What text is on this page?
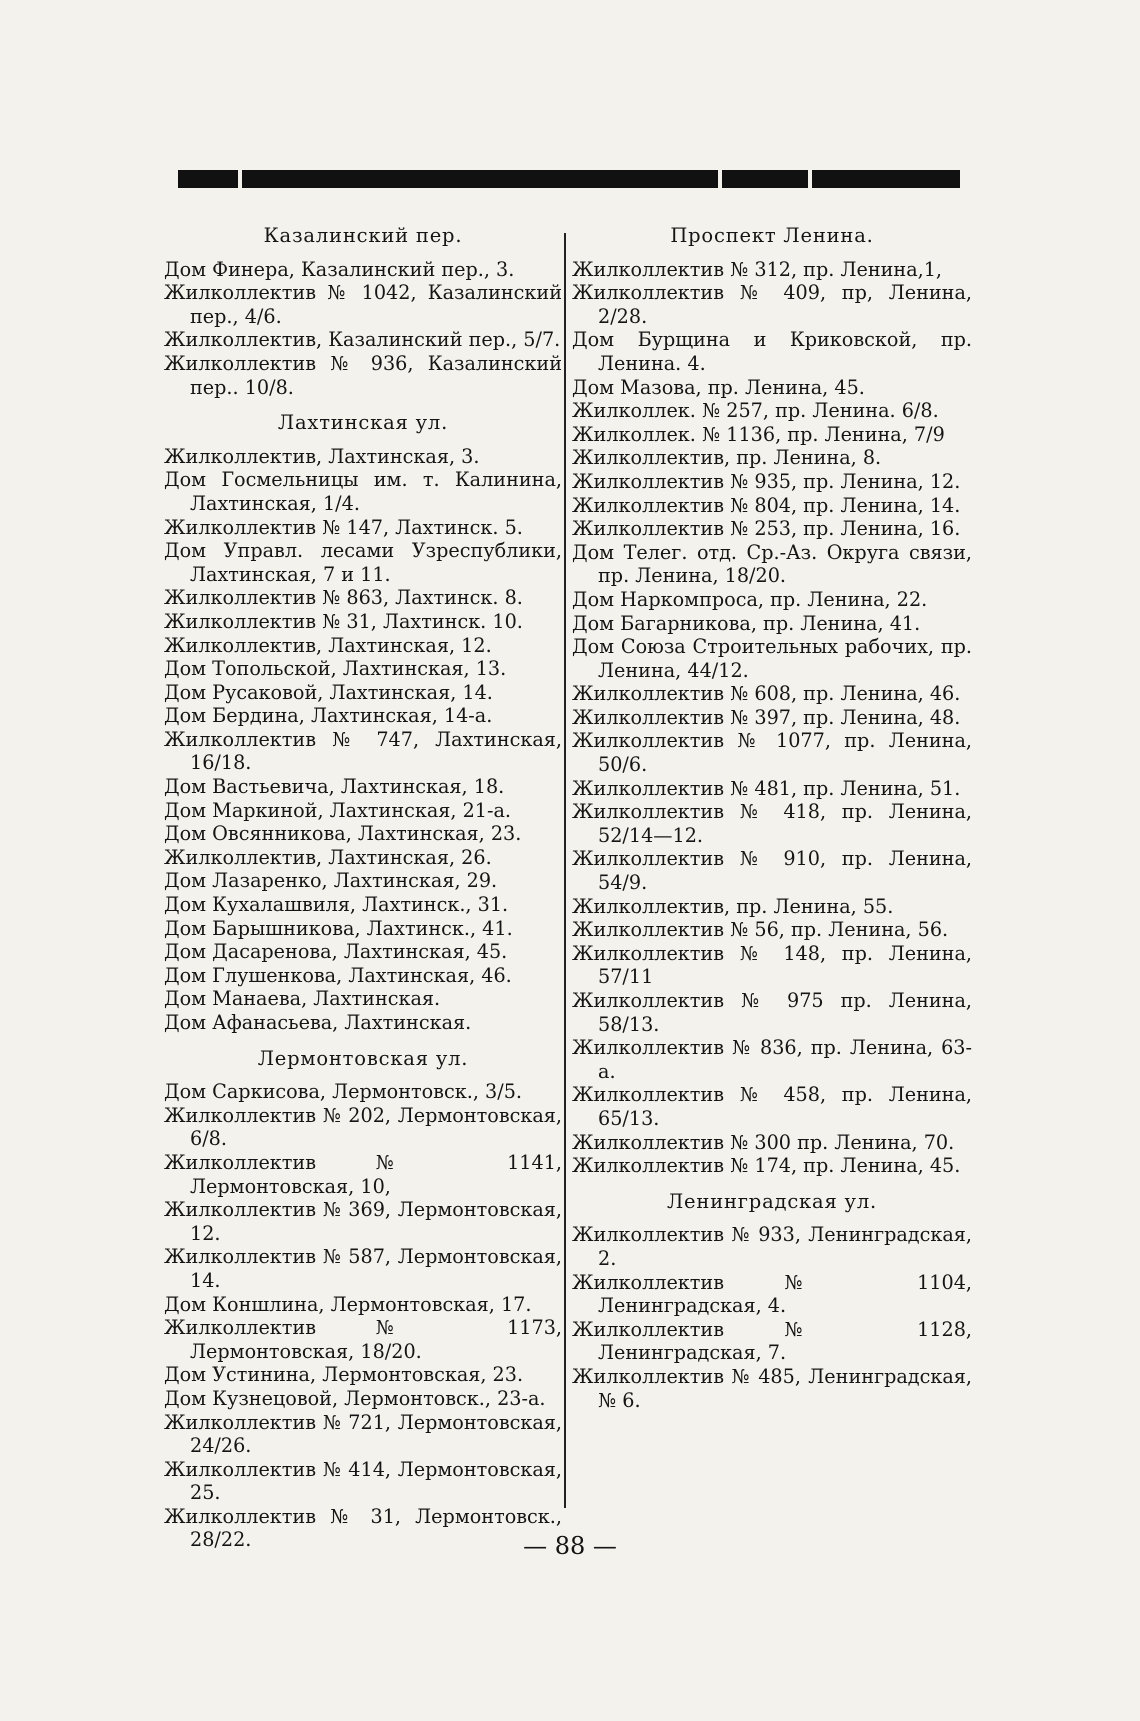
Казалинский пер.

Дом Финера, Казалинский пер., 3.

Жилколлектив № 1042, Казалинский пер., 4/6.

Жилколлектив, Казалинский пер., 5/7.

Жилколлектив № 936, Казалинский пер.. 10/8.

Лахтинская ул.

Жилколлектив, Лахтинская, 3.

Дом Госмельницы им. т. Калинина, Лахтинская, 1/4.

Жилколлектив № 147, Лахтинск. 5.

Дом Управл. лесами Узреспублики, Лахтинская, 7 и 11.

Жилколлектив № 863, Лахтинск. 8.

Жилколлектив № 31, Лахтинск. 10.

Жилколлектив, Лахтинская, 12.

Дом Топольской, Лахтинская, 13.

Дом Русаковой, Лахтинская, 14.

Дом Бердина, Лахтинская, 14-а.

Жилколлектив № 747, Лахтинская, 16/18.

Дом Вастьевича, Лахтинская, 18.

Дом Маркиной, Лахтинская, 21-а.

Дом Овсянникова, Лахтинская, 23.

Жилколлектив, Лахтинская, 26.

Дом Лазаренко, Лахтинская, 29.

Дом Кухалашвиля, Лахтинск., 31.

Дом Барышникова, Лахтинск., 41.

Дом Дасаренова, Лахтинская, 45.

Дом Глушенкова, Лахтинская, 46.

Дом Манаева, Лахтинская.

Дом Афанасьева, Лахтинская.

Лермонтовская ул.

Дом Саркисова, Лермонтовск., 3/5.

Жилколлектив № 202, Лермонтовская, 6/8.

Жилколлектив № 1141, Лермонтовская, 10,

Жилколлектив № 369, Лермонтовская, 12.

Жилколлектив № 587, Лермонтовская, 14.

Дом Коншлина, Лермонтовская, 17.

Жилколлектив № 1173, Лермонтовская, 18/20.

Дом Устинина, Лермонтовская, 23.

Дом Кузнецовой, Лермонтовск., 23-а.

Жилколлектив № 721, Лермонтовская, 24/26.

Жилколлектив № 414, Лермонтовская, 25.

Жилколлектив № 31, Лермонтовск., 28/22.

Проспект Ленина.

Жилколлектив № 312, пр. Ленина,1,

Жилколлектив № 409, пр, Ленина, 2/28.

Дом Бурщина и Криковской, пр. Ленина. 4.

Дом Мазова, пр. Ленина, 45.

Жилколлек. № 257, пр. Ленина. 6/8.

Жилколлек. № 1136, пр. Ленина, 7/9

Жилколлектив, пр. Ленина, 8.

Жилколлектив № 935, пр. Ленина, 12.

Жилколлектив № 804, пр. Ленина, 14.

Жилколлектив № 253, пр. Ленина, 16.

Дом Телег. отд. Ср.-Аз. Округа связи, пр. Ленина, 18/20.

Дом Наркомпроса, пр. Ленина, 22.

Дом Багарникова, пр. Ленина, 41.

Дом Союза Строительных рабочих, пр. Ленина, 44/12.

Жилколлектив № 608, пр. Ленина, 46.

Жилколлектив № 397, пр. Ленина, 48.

Жилколлектив № 1077, пр. Ленина, 50/6.

Жилколлектив № 481, пр. Ленина, 51.

Жилколлектив № 418, пр. Ленина, 52/14—12.

Жилколлектив № 910, пр. Ленина, 54/9.

Жилколлектив, пр. Ленина, 55.

Жилколлектив № 56, пр. Ленина, 56.

Жилколлектив № 148, пр. Ленина, 57/11

Жилколлектив № 975 пр. Ленина, 58/13.

Жилколлектив № 836, пр. Ленина, 63-а.

Жилколлектив № 458, пр. Ленина, 65/13.

Жилколлектив № 300 пр. Ленина, 70.

Жилколлектив № 174, пр. Ленина, 45.

Ленинградская ул.

Жилколлектив № 933, Ленинградская, 2.

Жилколлектив № 1104, Ленинградская, 4.

Жилколлектив № 1128, Ленинградская, 7.

Жилколлектив № 485, Ленинградская, № 6.

— 88 —
